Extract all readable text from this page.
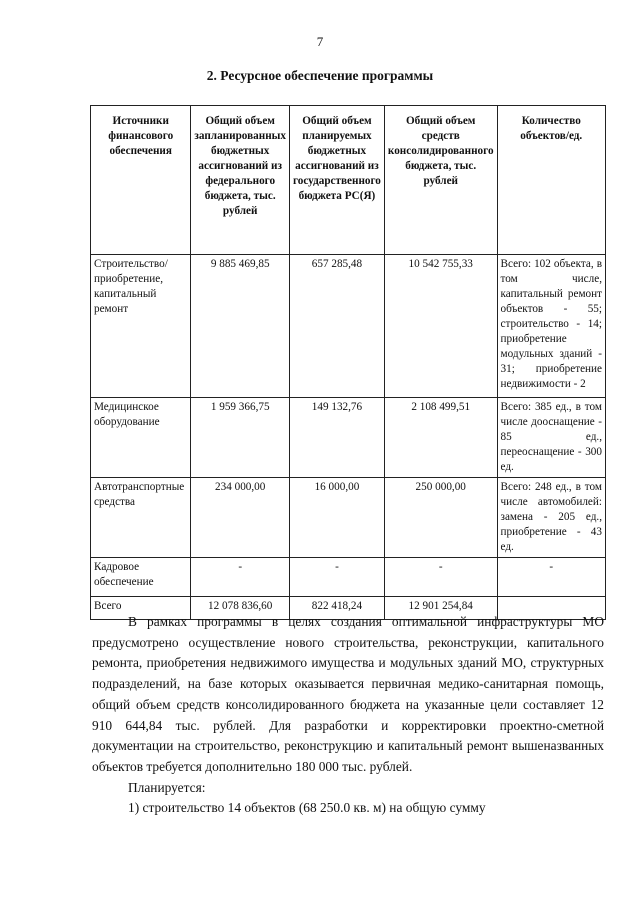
7
2. Ресурсное обеспечение программы
Источники финансового обеспечения	Общий объем запланированных бюджетных ассигнований из федерального бюджета, тыс. рублей	Общий объем планируемых бюджетных ассигнований из государственного бюджета РС(Я)	Общий объем средств консолидированного бюджета, тыс. рублей	Количество объектов/ед.
Строительство/ приобретение, капитальный ремонт	9 885 469,85	657 285,48	10 542 755,33	Всего: 102 объекта, в том числе, капитальный ремонт объектов - 55; строительство - 14; приобретение модульных зданий - 31; приобретение недвижимости - 2
Медицинское оборудование	1 959 366,75	149 132,76	2 108 499,51	Всего: 385 ед., в том числе дооснащение - 85 ед., переоснащение - 300 ед.
Автотранспортные средства	234 000,00	16 000,00	250 000,00	Всего: 248 ед., в том числе автомобилей: замена - 205 ед., приобретение - 43 ед.
Кадровое обеспечение	-	-	-	-
Всего	12 078 836,60	822 418,24	12 901 254,84	

В рамках программы в целях создания оптимальной инфраструктуры МО предусмотрено осуществление нового строительства, реконструкции, капитального ремонта, приобретения недвижимого имущества и модульных зданий МО, структурных подразделений, на базе которых оказывается первичная медико-санитарная помощь, общий объем средств консолидированного бюджета на указанные цели составляет 12 910 644,84 тыс. рублей. Для разработки и корректировки проектно-сметной документации на строительство, реконструкцию и капитальный ремонт вышеназванных объектов требуется дополнительно 180 000 тыс. рублей.

Планируется:

1) строительство 14 объектов (68 250.0 кв. м) на общую сумму
